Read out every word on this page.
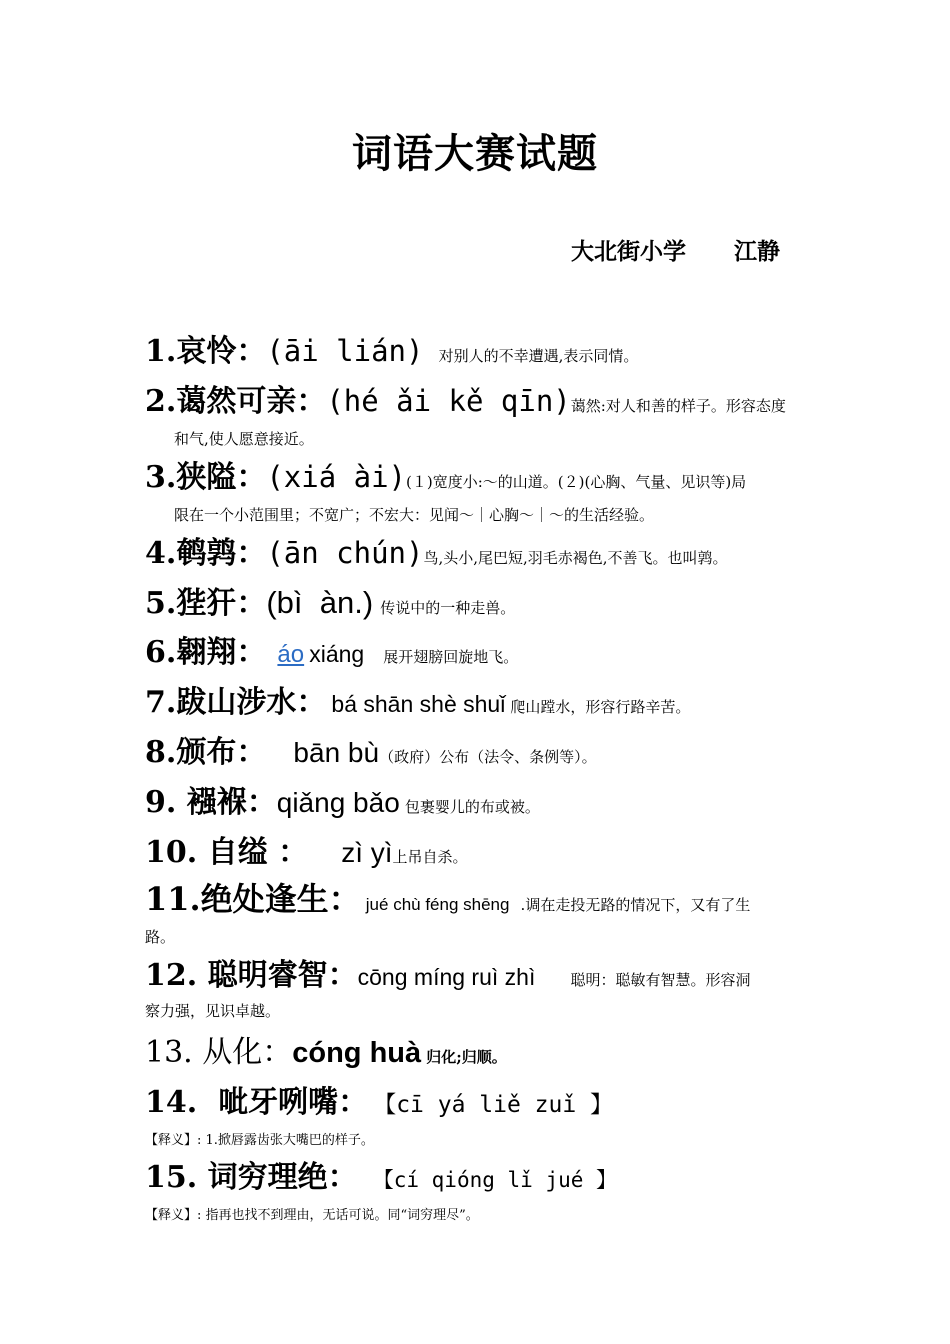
词语大赛试题
大北街小学      江静
1.哀怜：(āi lián) 对别人的不幸遭遇,表示同情。
2.蔼然可亲：(hé ǎi kě qīn)蔼然:对人和善的样子。形容态度
和气,使人愿意接近。
3.狭隘：(xiá ài)(１)宽度小:～的山道。(２)(心胸、气量、见识等)局
限在一个小范围里；不宽广；不宏大：见闻～｜心胸～｜～的生活经验。
4.鹌鹑：(ān chún)鸟,头小,尾巴短,羽毛赤褐色,不善飞。也叫鹑。
5.狴犴：(bì  àn.) 传说中的一种走兽。
6.翱翔： áo xiáng 展开翅膀回旋地飞。
7.跋山涉水： bá shān shè shuǐ 爬山蹚水，形容行路辛苦。
8.颁布： bān bù（政府）公布（法令、条例等）。
9. 襁褓：qiǎng bǎo 包裹婴儿的布或被。
10. 自缢 ： zì yì上吊自杀。
11.绝处逢生： jué chù féng shēng .调在走投无路的情况下，又有了生
路。
12. 聪明睿智：cōng míng ruì zhì 聪明：聪敏有智慧。形容洞
察力强，见识卓越。
13. 从化：cóng huà 归化;归顺。
14.  呲牙咧嘴： 【cī yá liě zuǐ 】
【释义】: 1.掀唇露齿张大嘴巴的样子。
15. 词穷理绝： 【cí qióng lǐ jué 】
【释义】: 指再也找不到理由，无话可说。同“词穷理尽”。
